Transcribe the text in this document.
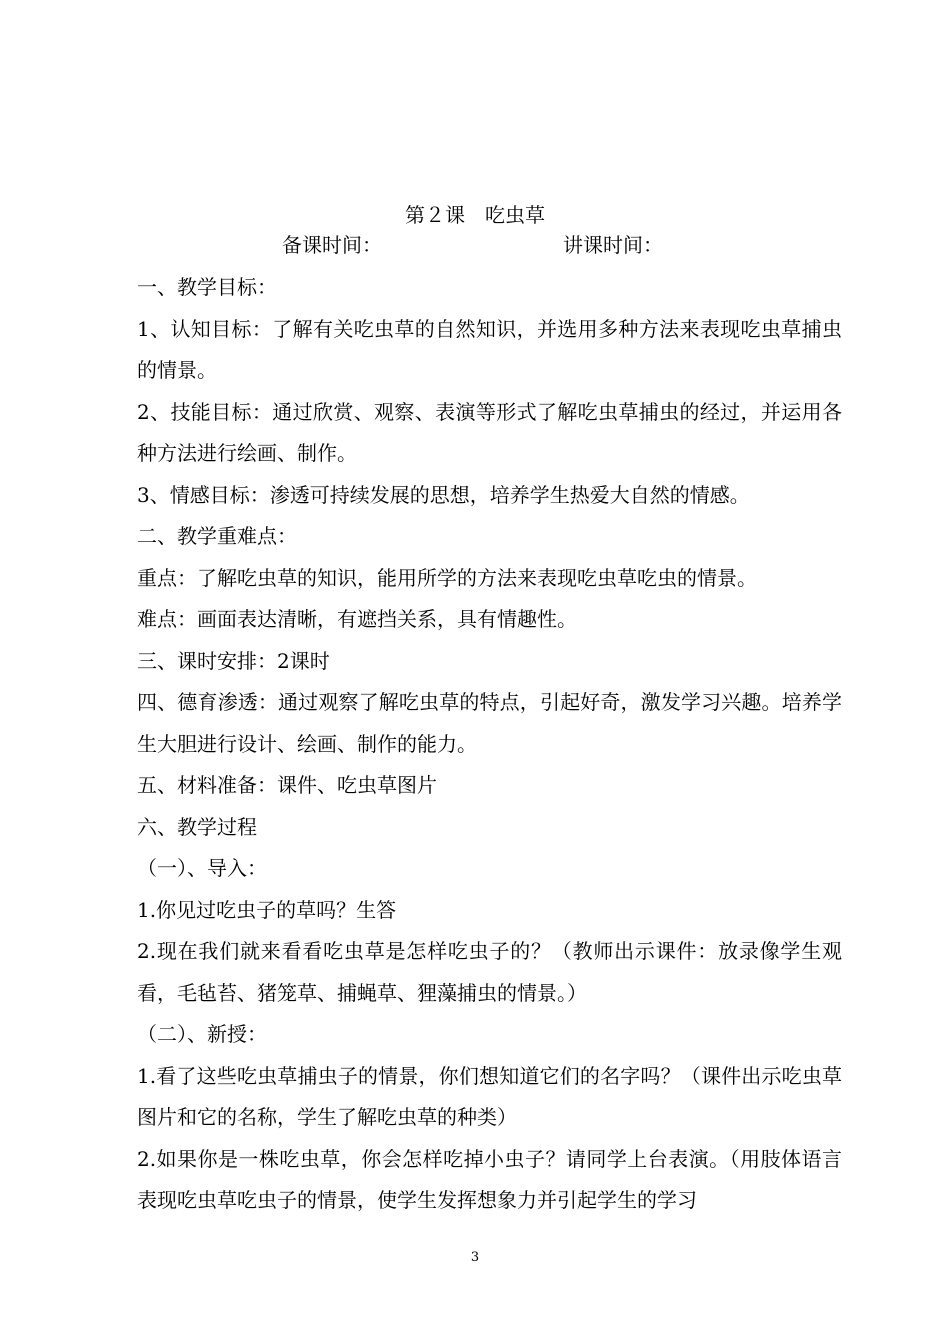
第２课　吃虫草
备课时间：	讲课时间：

一、教学目标：

1、认知目标：了解有关吃虫草的自然知识，并选用多种方法来表现吃虫草捕虫的情景。

2、技能目标：通过欣赏、观察、表演等形式了解吃虫草捕虫的经过，并运用各种方法进行绘画、制作。

3、情感目标：渗透可持续发展的思想，培养学生热爱大自然的情感。

二、教学重难点：

重点：了解吃虫草的知识，能用所学的方法来表现吃虫草吃虫的情景。

难点：画面表达清晰，有遮挡关系，具有情趣性。

三、课时安排：2课时

四、德育渗透：通过观察了解吃虫草的特点，引起好奇，激发学习兴趣。培养学生大胆进行设计、绘画、制作的能力。

五、材料准备：课件、吃虫草图片

六、教学过程

（一）、导入：

1.你见过吃虫子的草吗？生答

2.现在我们就来看看吃虫草是怎样吃虫子的？（教师出示课件：放录像学生观看，毛毡苔、猪笼草、捕蝇草、狸藻捕虫的情景。）

（二）、新授：

1.看了这些吃虫草捕虫子的情景，你们想知道它们的名字吗？（课件出示吃虫草图片和它的名称，学生了解吃虫草的种类）

2.如果你是一株吃虫草，你会怎样吃掉小虫子？请同学上台表演。（用肢体语言表现吃虫草吃虫子的情景，使学生发挥想象力并引起学生的学习

3
